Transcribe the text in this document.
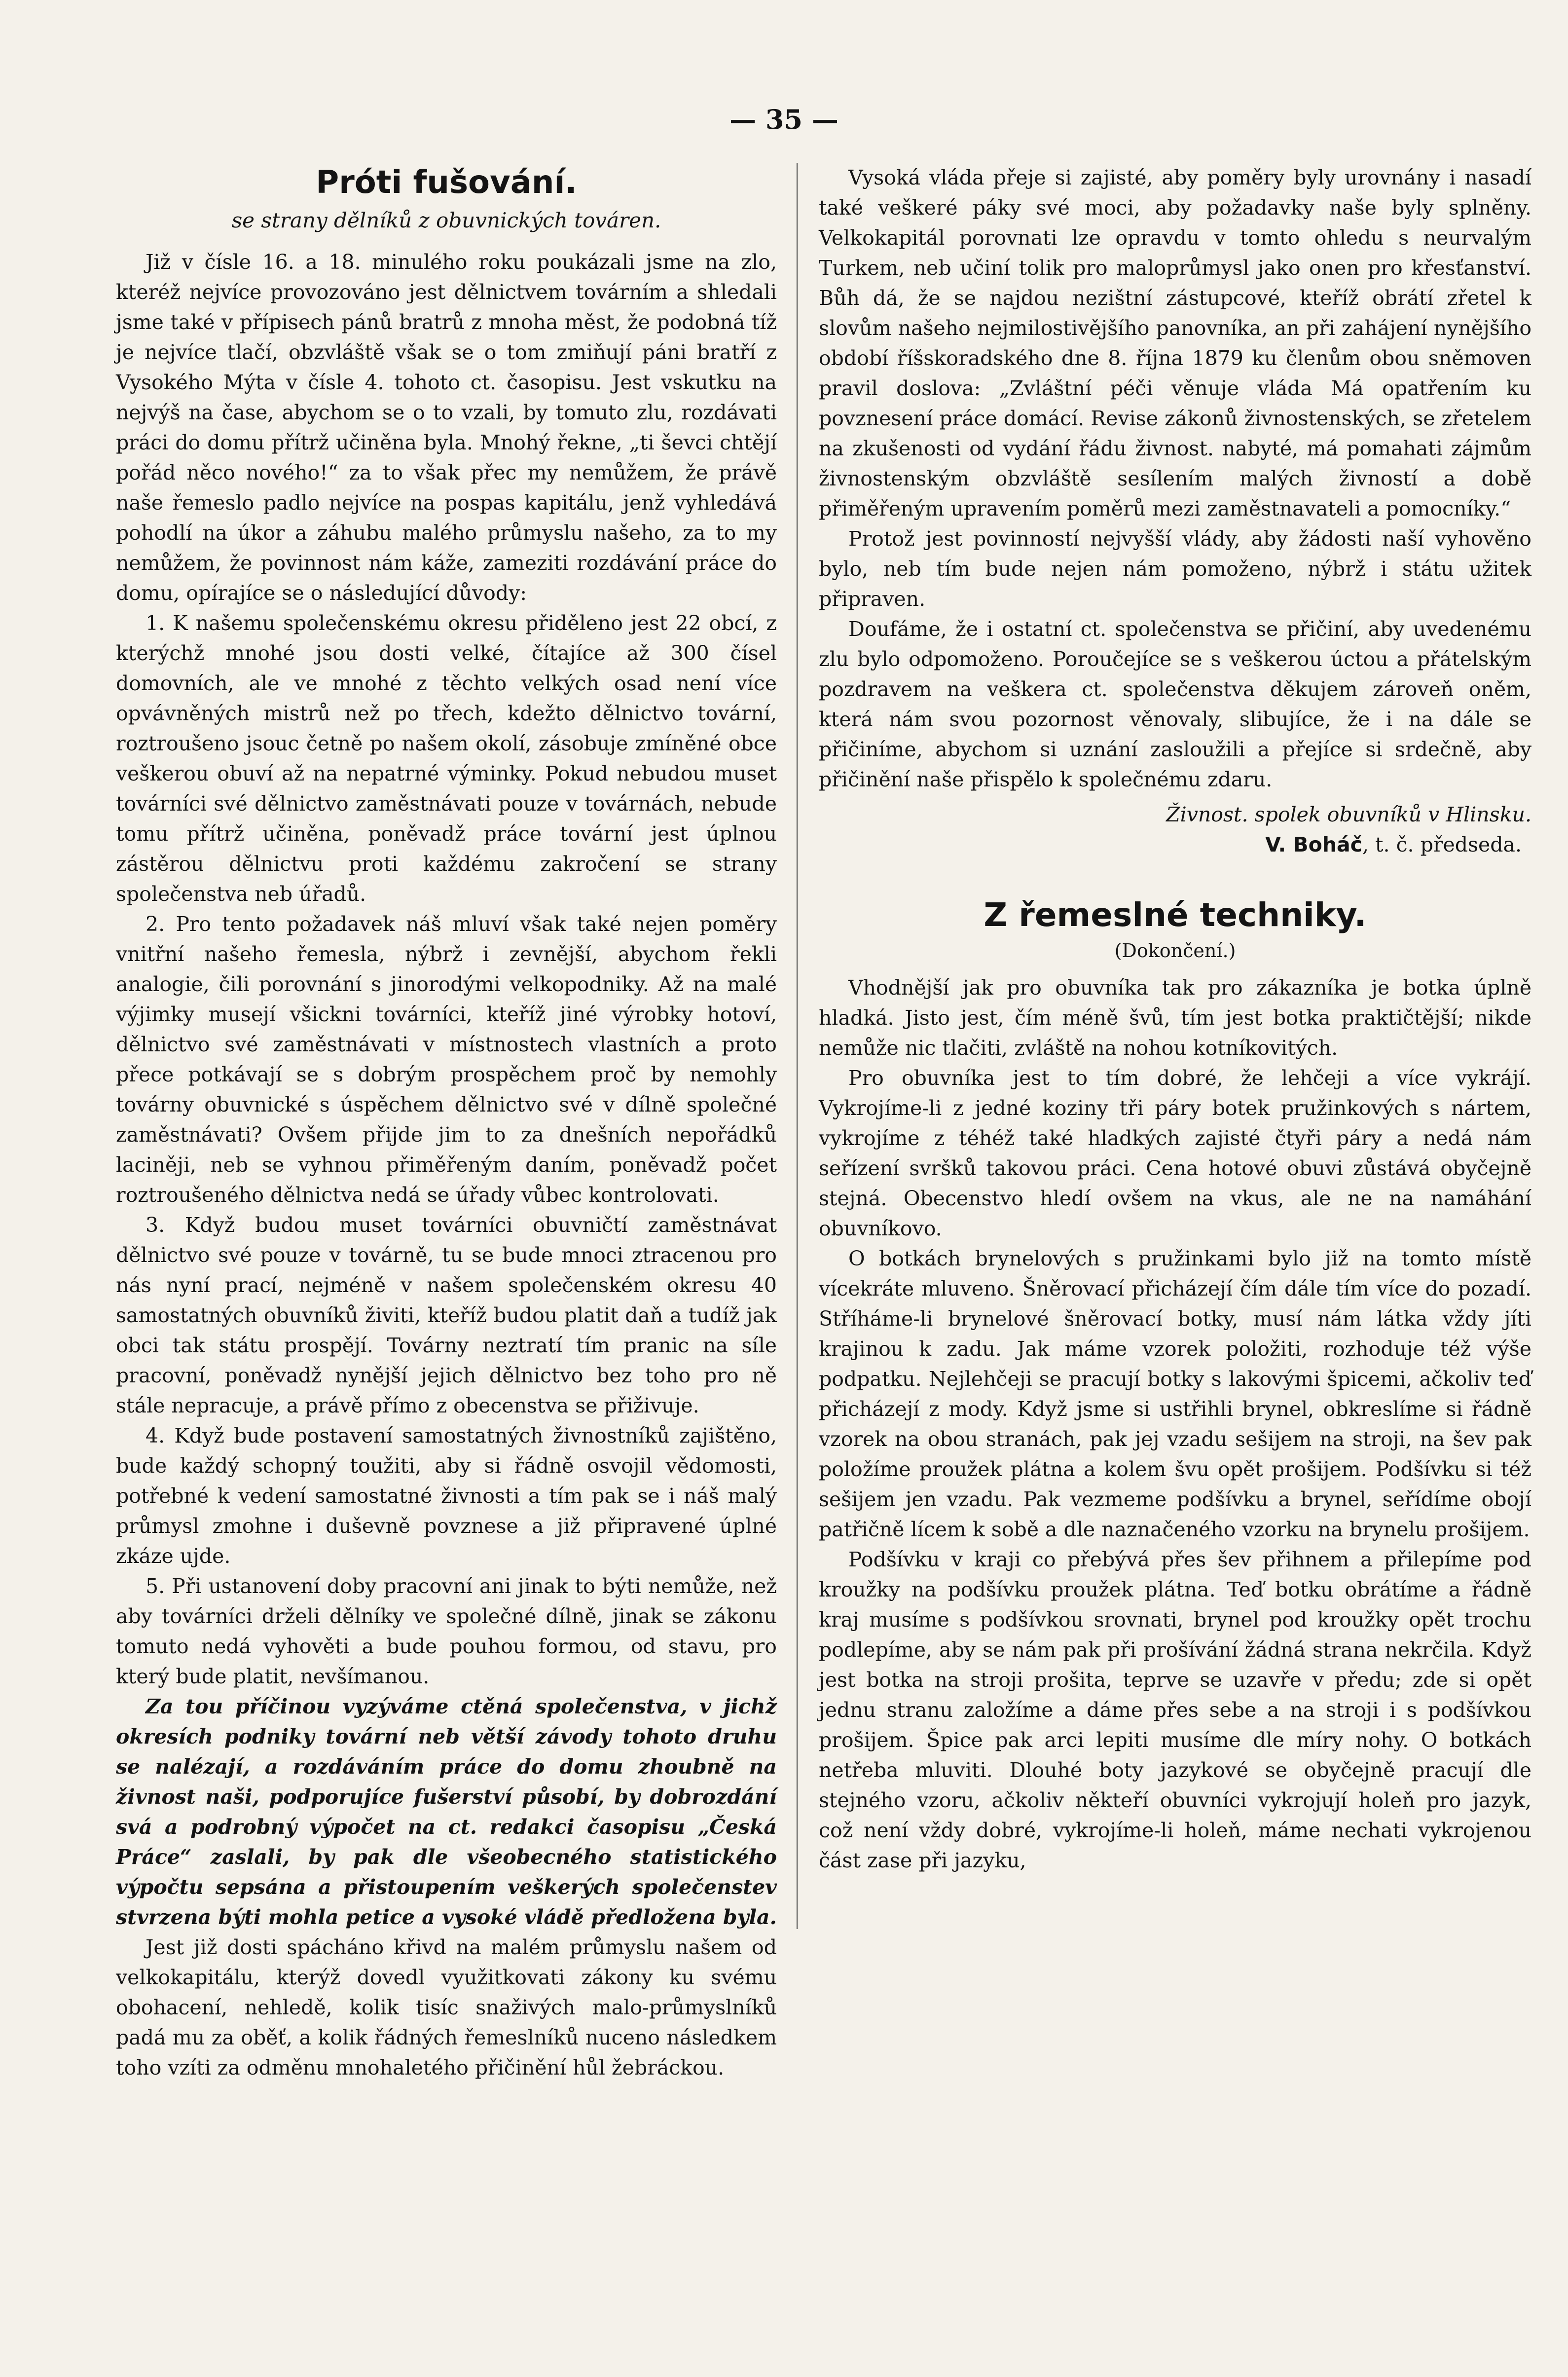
— 35 —
Próti fušování.
se strany dělníků z obuvnických továren.

Již v čísle 16. a 18. minulého roku poukázali jsme na zlo, kteréž nejvíce provozováno jest dělnictvem továrním a shledali jsme také v přípisech pánů bratrů z mnoha měst, že podobná tíž je nejvíce tlačí, obzvláště však se o tom zmiňují páni bratří z Vysokého Mýta v čísle 4. tohoto ct. časopisu. Jest vskutku na nejvýš na čase, abychom se o to vzali, by tomuto zlu, rozdávati práci do domu přítrž učiněna byla. Mnohý řekne, „ti ševci chtějí pořád něco nového!“ za to však přec my nemůžem, že právě naše řemeslo padlo nejvíce na pospas kapitálu, jenž vyhledává pohodlí na úkor a záhubu malého průmyslu našeho, za to my nemůžem, že povinnost nám káže, zameziti rozdávání práce do domu, opírajíce se o následující důvody:

1. K našemu společenskému okresu přiděleno jest 22 obcí, z kterýchž mnohé jsou dosti velké, čítajíce až 300 čísel domovních, ale ve mnohé z těchto velkých osad není více opvávněných mistrů než po třech, kdežto dělnictvo tovární, roztroušeno jsouc četně po našem okolí, zásobuje zmíněné obce veškerou obuví až na nepatrné výminky. Pokud nebudou muset továrníci své dělnictvo zaměstnávati pouze v továrnách, nebude tomu přítrž učiněna, poněvadž práce tovární jest úplnou zástěrou dělnictvu proti každému zakročení se strany společenstva neb úřadů.

2. Pro tento požadavek náš mluví však také nejen poměry vnitřní našeho řemesla, nýbrž i zevnější, abychom řekli analogie, čili porovnání s jinorodými velkopodniky. Až na malé výjimky musejí všickni továrníci, kteříž jiné výrobky hotoví, dělnictvo své zaměstnávati v místnostech vlastních a proto přece potkávají se s dobrým prospěchem proč by nemohly továrny obuvnické s úspěchem dělnictvo své v dílně společné zaměstnávati? Ovšem přijde jim to za dnešních nepořádků laciněji, neb se vyhnou přiměřeným daním, poněvadž počet roztroušeného dělnictva nedá se úřady vůbec kontrolovati.

3. Když budou muset továrníci obuvničtí zaměstnávat dělnictvo své pouze v továrně, tu se bude mnoci ztracenou pro nás nyní prací, nejméně v našem společenském okresu 40 samostatných obuvníků živiti, kteříž budou platit daň a tudíž jak obci tak státu prospějí. Továrny neztratí tím pranic na síle pracovní, poněvadž nynější jejich dělnictvo bez toho pro ně stále nepracuje, a právě přímo z obecenstva se přiživuje.

4. Když bude postavení samostatných živnostníků zajištěno, bude každý schopný toužiti, aby si řádně osvojil vědomosti, potřebné k vedení samostatné živnosti a tím pak se i náš malý průmysl zmohne i duševně povznese a již připravené úplné zkáze ujde.

5. Při ustanovení doby pracovní ani jinak to býti nemůže, než aby továrníci drželi dělníky ve společné dílně, jinak se zákonu tomuto nedá vyhověti a bude pouhou formou, od stavu, pro který bude platit, nevšímanou.

Za tou příčinou vyzýváme ctěná společenstva, v jichž okresích podniky tovární neb větší závody tohoto druhu se nalézají, a rozdáváním práce do domu zhoubně na živnost naši, podporujíce fušerství působí, by dobrozdání svá a podrobný výpočet na ct. redakci časopisu „Česká Práce“ zaslali, by pak dle všeobecného statistického výpočtu sepsána a přistoupením veškerých společenstev stvrzena býti mohla petice a vysoké vládě předložena byla.

Jest již dosti spácháno křivd na malém průmyslu našem od velkokapitálu, kterýž dovedl využitkovati zákony ku svému obohacení, nehledě, kolik tisíc snaživých malo-průmyslníků padá mu za oběť, a kolik řádných řemeslníků nuceno následkem toho vzíti za odměnu mnohaletého přičinění hůl žebráckou.

Vysoká vláda přeje si zajisté, aby poměry byly urovnány i nasadí také veškeré páky své moci, aby požadavky naše byly splněny. Velkokapitál porovnati lze opravdu v tomto ohledu s neurvalým Turkem, neb učiní tolik pro maloprůmysl jako onen pro křesťanství. Bůh dá, že se najdou nezištní zástupcové, kteříž obrátí zřetel k slovům našeho nejmilostivějšího panovníka, an při zahájení nynějšího období říšskoradského dne 8. října 1879 ku členům obou sněmoven pravil doslova: „Zvláštní péči věnuje vláda Má opatřením ku povznesení práce domácí. Revise zákonů živnostenských, se zřetelem na zkušenosti od vydání řádu živnost. nabyté, má pomahati zájmům živnostenským obzvláště sesílením malých živností a době přiměřeným upravením poměrů mezi zaměstnavateli a pomocníky.“

Protož jest povinností nejvyšší vlády, aby žádosti naší vyhověno bylo, neb tím bude nejen nám pomoženo, nýbrž i státu užitek připraven.

Doufáme, že i ostatní ct. společenstva se přičiní, aby uvedenému zlu bylo odpomoženo. Poroučejíce se s veškerou úctou a přátelským pozdravem na veškera ct. společenstva děkujem zároveň oněm, která nám svou pozornost věnovaly, slibujíce, že i na dále se přičiníme, abychom si uznání zasloužili a přejíce si srdečně, aby přičinění naše přispělo k společnému zdaru.

Živnost. spolek obuvníků v Hlinsku.
V. Boháč, t. č. předseda.
Z řemeslné techniky.
(Dokončení.)

Vhodnější jak pro obuvníka tak pro zákazníka je botka úplně hladká. Jisto jest, čím méně švů, tím jest botka praktičtější; nikde nemůže nic tlačiti, zvláště na nohou kotníkovitých.

Pro obuvníka jest to tím dobré, že lehčeji a více vykrájí. Vykrojíme-li z jedné koziny tři páry botek pružinkových s nártem, vykrojíme z téhéž také hladkých zajisté čtyři páry a nedá nám seřízení svršků takovou práci. Cena hotové obuvi zůstává obyčejně stejná. Obecenstvo hledí ovšem na vkus, ale ne na namáhání obuvníkovo.

O botkách brynelových s pružinkami bylo již na tomto místě vícekráte mluveno. Šněrovací přicházejí čím dále tím více do pozadí. Stříháme-li brynelové šněrovací botky, musí nám látka vždy jíti krajinou k zadu. Jak máme vzorek položiti, rozhoduje též výše podpatku. Nejlehčeji se pracují botky s lakovými špicemi, ačkoliv teď přicházejí z mody. Když jsme si ustřihli brynel, obkreslíme si řádně vzorek na obou stranách, pak jej vzadu sešijem na stroji, na šev pak položíme proužek plátna a kolem švu opět prošijem. Podšívku si též sešijem jen vzadu. Pak vezmeme podšívku a brynel, seřídíme obojí patřičně lícem k sobě a dle naznačeného vzorku na brynelu prošijem.

Podšívku v kraji co přebývá přes šev přihnem a přilepíme pod kroužky na podšívku proužek plátna. Teď botku obrátíme a řádně kraj musíme s podšívkou srovnati, brynel pod kroužky opět trochu podlepíme, aby se nám pak při prošívání žádná strana nekrčila. Když jest botka na stroji prošita, teprve se uzavře v předu; zde si opět jednu stranu založíme a dáme přes sebe a na stroji i s podšívkou prošijem. Špice pak arci lepiti musíme dle míry nohy. O botkách netřeba mluviti. Dlouhé boty jazykové se obyčejně pracují dle stejného vzoru, ačkoliv někteří obuvníci vykrojují holeň pro jazyk, což není vždy dobré, vykrojíme-li holeň, máme nechati vykrojenou část zase při jazyku,
